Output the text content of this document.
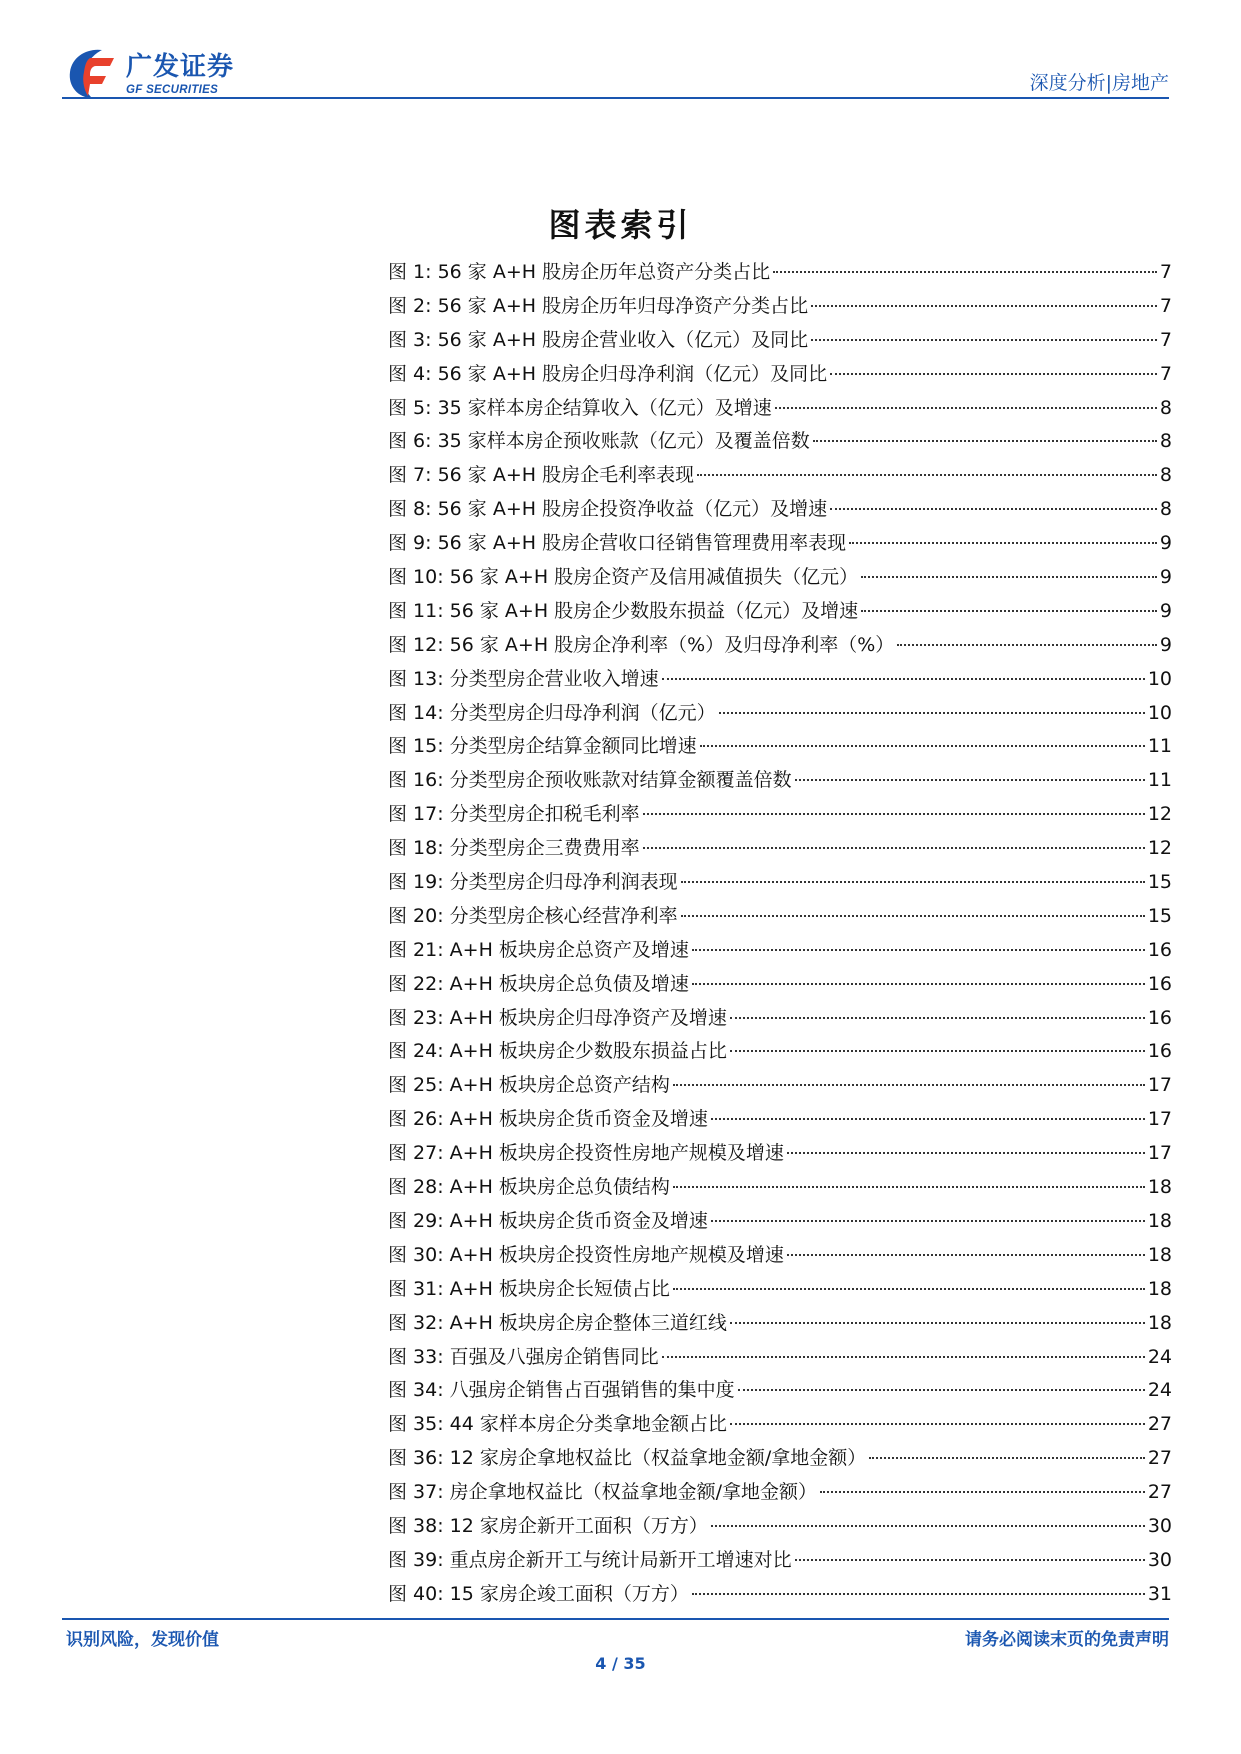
广发证券
GF SECURITIES	深度分析|房地产
图表索引
图 1: 56 家 A+H 股房企历年总资产分类占比	7
图 2: 56 家 A+H 股房企历年归母净资产分类占比	7
图 3: 56 家 A+H 股房企营业收入（亿元）及同比	7
图 4: 56 家 A+H 股房企归母净利润（亿元）及同比	7
图 5: 35 家样本房企结算收入（亿元）及增速	8
图 6: 35 家样本房企预收账款（亿元）及覆盖倍数	8
图 7: 56 家 A+H 股房企毛利率表现	8
图 8: 56 家 A+H 股房企投资净收益（亿元）及增速	8
图 9: 56 家 A+H 股房企营收口径销售管理费用率表现	9
图 10: 56 家 A+H 股房企资产及信用减值损失（亿元）	9
图 11: 56 家 A+H 股房企少数股东损益（亿元）及增速	9
图 12: 56 家 A+H 股房企净利率（%）及归母净利率（%）	9
图 13: 分类型房企营业收入增速	10
图 14: 分类型房企归母净利润（亿元）	10
图 15: 分类型房企结算金额同比增速	11
图 16: 分类型房企预收账款对结算金额覆盖倍数	11
图 17: 分类型房企扣税毛利率	12
图 18: 分类型房企三费费用率	12
图 19: 分类型房企归母净利润表现	15
图 20: 分类型房企核心经营净利率	15
图 21: A+H 板块房企总资产及增速	16
图 22: A+H 板块房企总负债及增速	16
图 23: A+H 板块房企归母净资产及增速	16
图 24: A+H 板块房企少数股东损益占比	16
图 25: A+H 板块房企总资产结构	17
图 26: A+H 板块房企货币资金及增速	17
图 27: A+H 板块房企投资性房地产规模及增速	17
图 28: A+H 板块房企总负债结构	18
图 29: A+H 板块房企货币资金及增速	18
图 30: A+H 板块房企投资性房地产规模及增速	18
图 31: A+H 板块房企长短债占比	18
图 32: A+H 板块房企房企整体三道红线	18
图 33: 百强及八强房企销售同比	24
图 34: 八强房企销售占百强销售的集中度	24
图 35: 44 家样本房企分类拿地金额占比	27
图 36: 12 家房企拿地权益比（权益拿地金额/拿地金额）	27
图 37: 房企拿地权益比（权益拿地金额/拿地金额）	27
图 38: 12 家房企新开工面积（万方）	30
图 39: 重点房企新开工与统计局新开工增速对比	30
图 40: 15 家房企竣工面积（万方）	31
识别风险，发现价值	请务必阅读末页的免责声明
4 / 35
